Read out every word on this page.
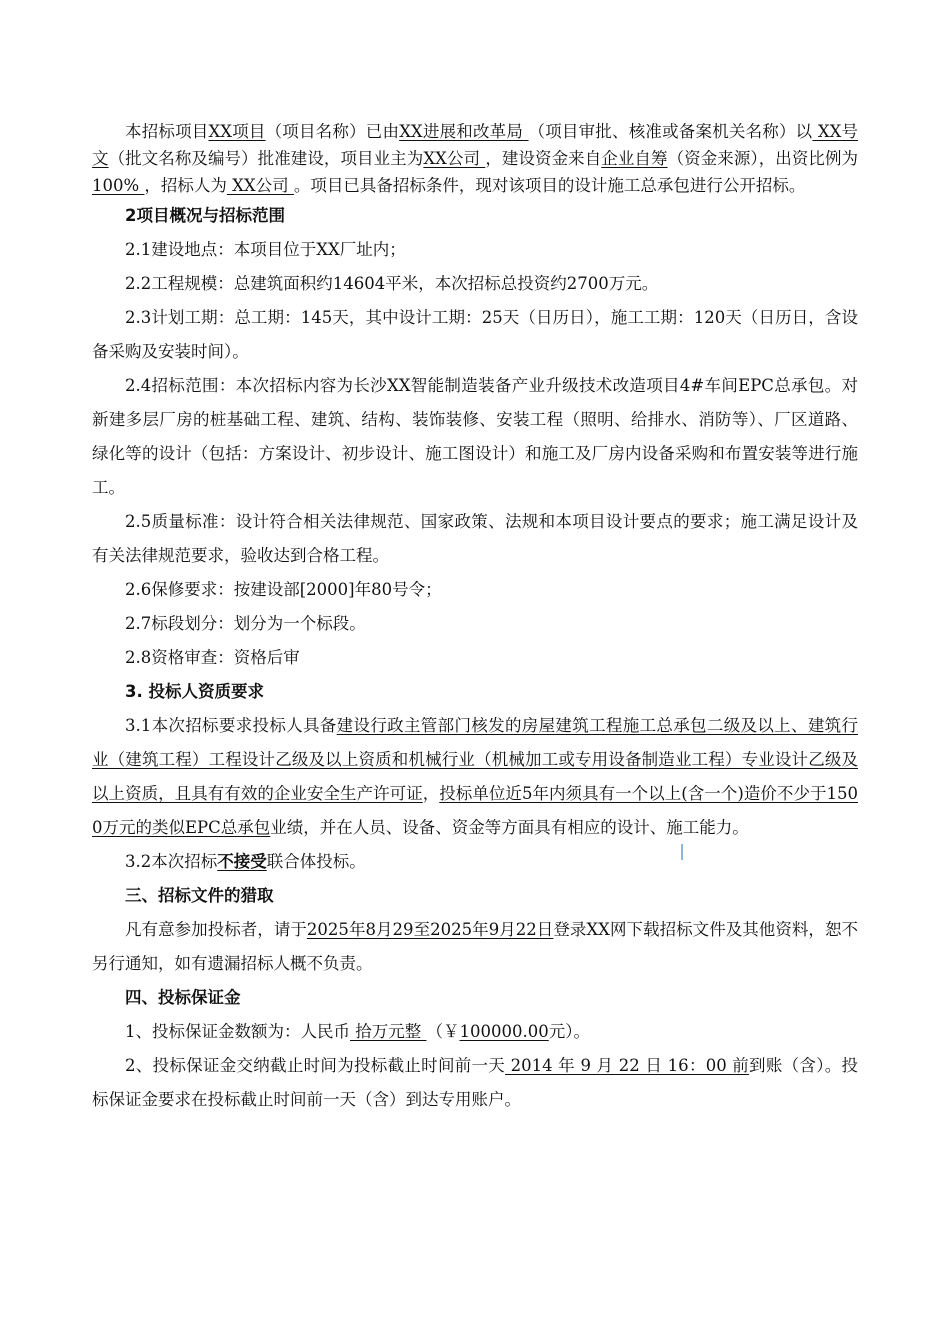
本招标项目XX项目（项目名称）已由XX进展和改革局 （项目审批、核准或备案机关名称）以 XX号文（批文名称及编号）批准建设，项目业主为XX公司 ，建设资金来自企业自筹（资金来源），出资比例为 100% ，招标人为 XX公司 。项目已具备招标条件，现对该项目的设计施工总承包进行公开招标。

2项目概况与招标范围

2.1建设地点：本项目位于XX厂址内；

2.2工程规模：总建筑面积约14604平米，本次招标总投资约2700万元。

2.3计划工期：总工期：145天，其中设计工期：25天（日历日），施工工期：120天（日历日，含设备采购及安装时间）。

2.4招标范围：本次招标内容为长沙XX智能制造装备产业升级技术改造项目4#车间EPC总承包。对新建多层厂房的桩基础工程、建筑、结构、装饰装修、安装工程（照明、给排水、消防等）、厂区道路、绿化等的设计（包括：方案设计、初步设计、施工图设计）和施工及厂房内设备采购和布置安装等进行施工。

2.5质量标准：设计符合相关法律规范、国家政策、法规和本项目设计要点的要求；施工满足设计及有关法律规范要求，验收达到合格工程。

2.6保修要求：按建设部[2000]年80号令；

2.7标段划分：划分为一个标段。

2.8资格审查：资格后审

3. 投标人资质要求

3.1本次招标要求投标人具备建设行政主管部门核发的房屋建筑工程施工总承包二级及以上、建筑行业（建筑工程）工程设计乙级及以上资质和机械行业（机械加工或专用设备制造业工程）专业设计乙级及以上资质，且具有有效的企业安全生产许可证，投标单位近5年内须具有一个以上(含一个)造价不少于1500万元的类似EPC总承包业绩，并在人员、设备、资金等方面具有相应的设计、施工能力。

3.2本次招标不接受联合体投标。

三、招标文件的猎取

凡有意参加投标者，请于2025年8月29至2025年9月22日登录XX网下载招标文件及其他资料，恕不另行通知，如有遗漏招标人概不负责。

四、投标保证金

1、投标保证金数额为：人民币 拾万元整 （￥100000.00元）。

2、投标保证金交纳截止时间为投标截止时间前一天 2014 年 9 月 22 日 16：00 前到账（含）。投标保证金要求在投标截止时间前一天（含）到达专用账户。
